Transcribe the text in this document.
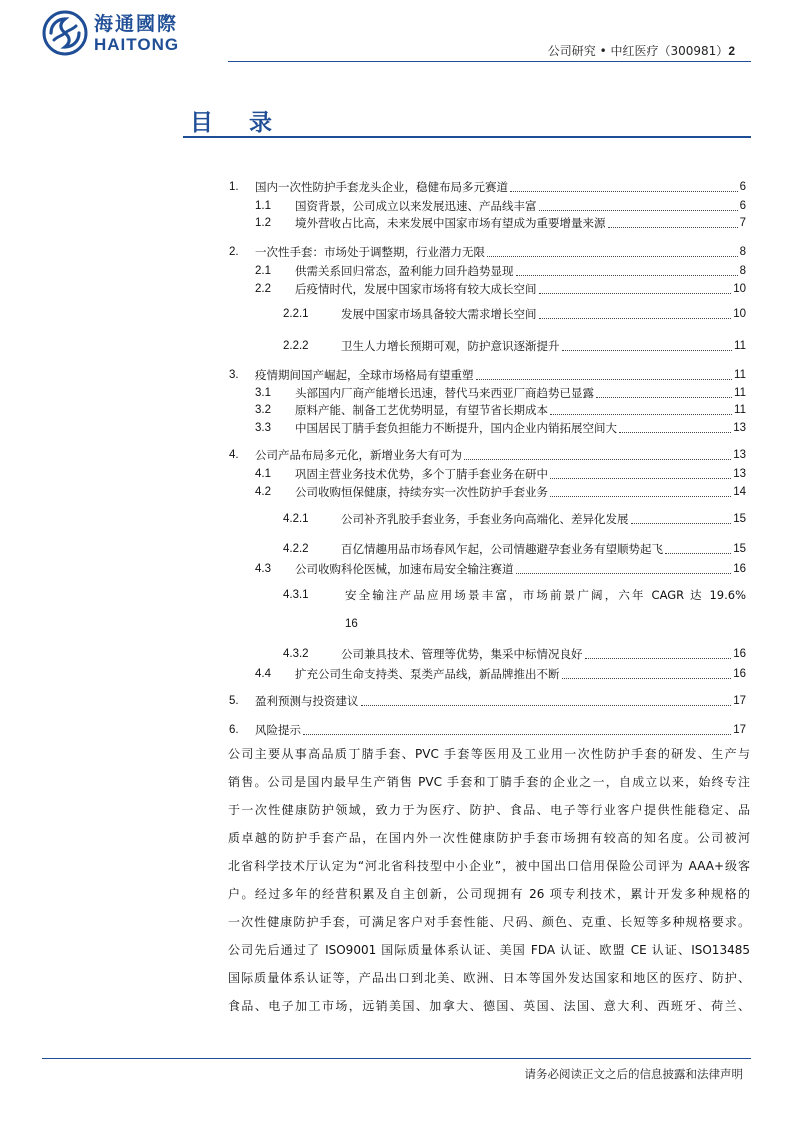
海通國際
HAITONG	公司研究 • 中红医疗（300981）2
目 录
1.	国内一次性防护手套龙头企业，稳健布局多元赛道	6
1.1	国资背景，公司成立以来发展迅速、产品线丰富	6
1.2	境外营收占比高，未来发展中国家市场有望成为重要增量来源	7
2.	一次性手套：市场处于调整期，行业潜力无限	8
2.1	供需关系回归常态，盈利能力回升趋势显现	8
2.2	后疫情时代，发展中国家市场将有较大成长空间	10
2.2.1	发展中国家市场具备较大需求增长空间	10
2.2.2	卫生人力增长预期可观，防护意识逐渐提升	11
3.	疫情期间国产崛起，全球市场格局有望重塑	11
3.1	头部国内厂商产能增长迅速，替代马来西亚厂商趋势已显露	11
3.2	原料产能、制备工艺优势明显，有望节省长期成本	11
3.3	中国居民丁腈手套负担能力不断提升，国内企业内销拓展空间大	13
4.	公司产品布局多元化，新增业务大有可为	13
4.1	巩固主营业务技术优势，多个丁腈手套业务在研中	13
4.2	公司收购恒保健康，持续夯实一次性防护手套业务	14
4.2.1	公司补齐乳胶手套业务，手套业务向高端化、差异化发展	15
4.2.2	百亿情趣用品市场春风乍起，公司情趣避孕套业务有望顺势起飞	15
4.3	公司收购科伦医械，加速布局安全输注赛道	16
4.3.1	安全输注产品应用场景丰富，市场前景广阔，六年 CAGR 达 19.6%
16
4.3.2	公司兼具技术、管理等优势，集采中标情况良好	16
4.4	扩充公司生命支持类、泵类产品线，新品牌推出不断	16
5.	盈利预测与投资建议	17
6.	风险提示	17
公司主要从事高品质丁腈手套、PVC 手套等医用及工业用一次性防护手套的研发、生产与
销售。公司是国内最早生产销售 PVC 手套和丁腈手套的企业之一，自成立以来，始终专注
于一次性健康防护领域，致力于为医疗、防护、食品、电子等行业客户提供性能稳定、品
质卓越的防护手套产品，在国内外一次性健康防护手套市场拥有较高的知名度。公司被河
北省科学技术厅认定为“河北省科技型中小企业”，被中国出口信用保险公司评为 AAA+级客
户。经过多年的经营积累及自主创新，公司现拥有 26 项专利技术，累计开发多种规格的
一次性健康防护手套，可满足客户对手套性能、尺码、颜色、克重、长短等多种规格要求。
公司先后通过了 ISO9001 国际质量体系认证、美国 FDA 认证、欧盟 CE 认证、ISO13485
国际质量体系认证等，产品出口到北美、欧洲、日本等国外发达国家和地区的医疗、防护、
食品、电子加工市场，远销美国、加拿大、德国、英国、法国、意大利、西班牙、荷兰、
请务必阅读正文之后的信息披露和法律声明
